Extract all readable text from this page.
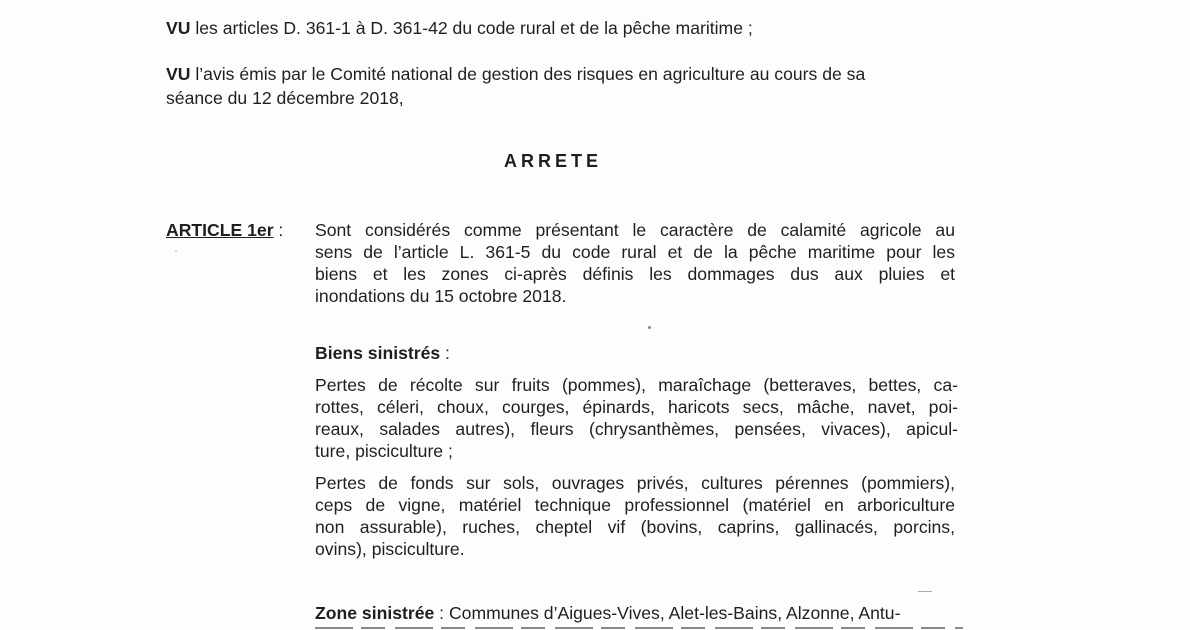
VU les articles D. 361-1 à D. 361-42 du code rural et de la pêche maritime ;
VU l’avis émis par le Comité national de gestion des risques en agriculture au cours de sa
séance du 12 décembre 2018,
ARRETE
ARTICLE 1er : Sont considérés comme présentant le caractère de calamité agricole au
sens de l’article L. 361-5 du code rural et de la pêche maritime pour les
biens et les zones ci-après définis les dommages dus aux pluies et
inondations du 15 octobre 2018.
Biens sinistrés :
Pertes de récolte sur fruits (pommes), maraîchage (betteraves, bettes, ca-
rottes, céleri, choux, courges, épinards, haricots secs, mâche, navet, poi-
reaux, salades autres), fleurs (chrysanthèmes, pensées, vivaces), apicul-
ture, pisciculture ;
Pertes de fonds sur sols, ouvrages privés, cultures pérennes (pommiers),
ceps de vigne, matériel technique professionnel (matériel en arboriculture
non assurable), ruches, cheptel vif (bovins, caprins, gallinacés, porcins,
ovins), pisciculture.
Zone sinistrée : Communes d’Aigues-Vives, Alet-les-Bains, Alzonne, Antu-
